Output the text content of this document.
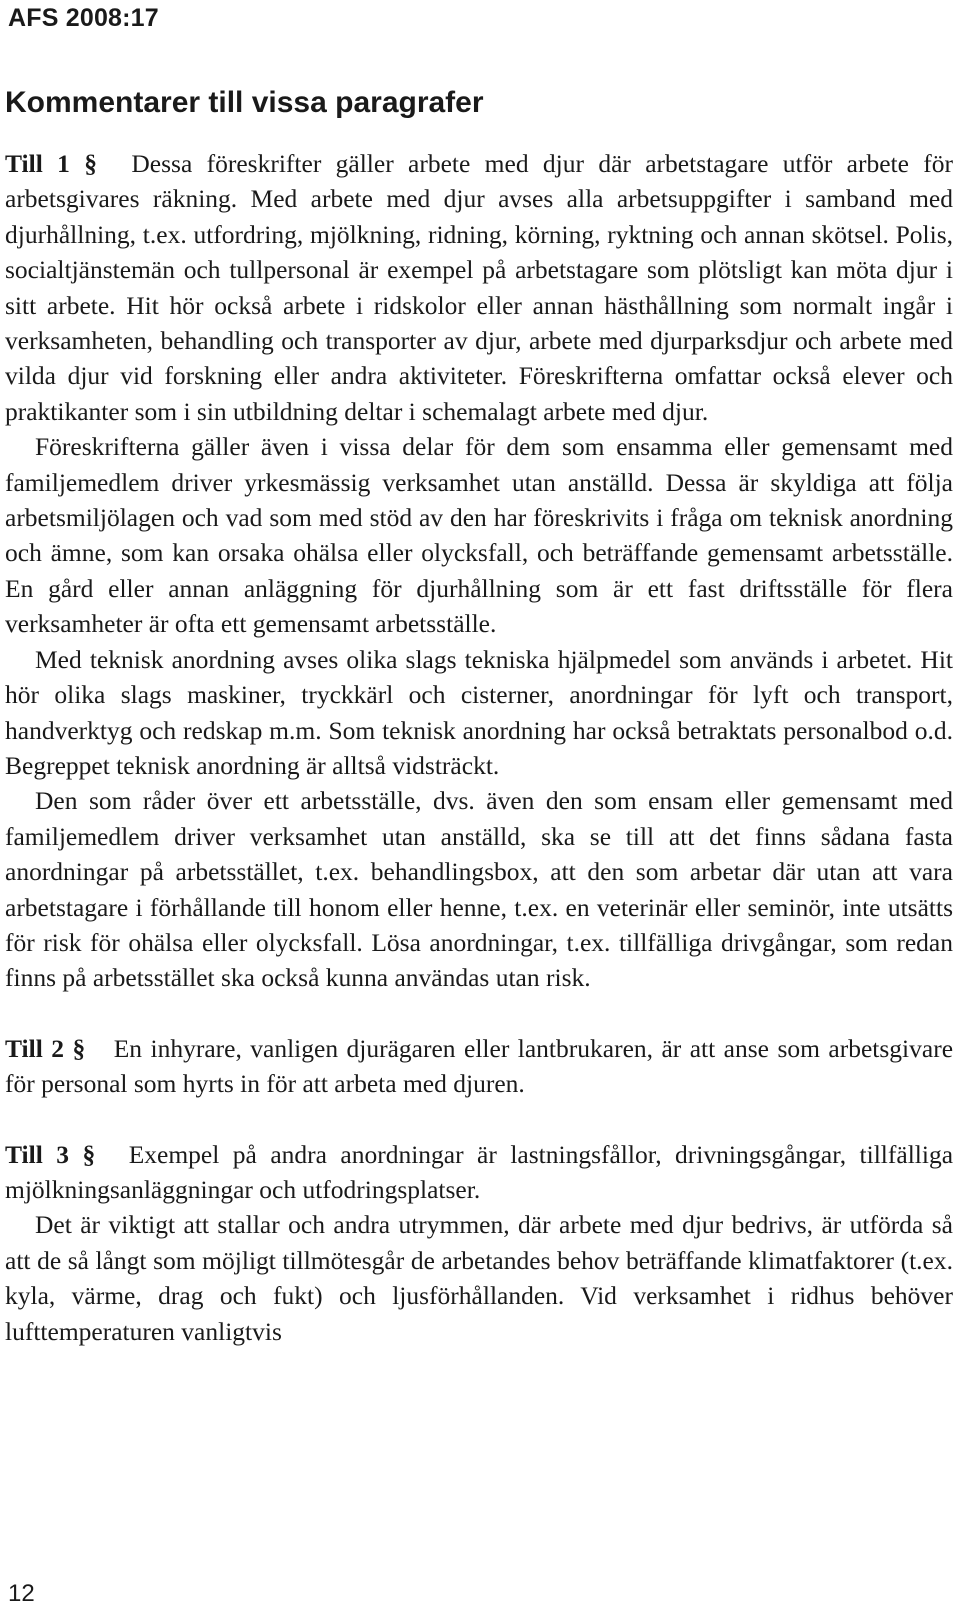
AFS 2008:17
Kommentarer till vissa paragrafer

Till 1 § Dessa föreskrifter gäller arbete med djur där arbetstagare utför arbete för arbetsgivares räkning. Med arbete med djur avses alla arbetsuppgifter i samband med djurhållning, t.ex. utfordring, mjölkning, ridning, körning, ryktning och annan skötsel. Polis, socialtjänstemän och tullpersonal är exempel på arbetstagare som plötsligt kan möta djur i sitt arbete. Hit hör också arbete i ridskolor eller annan hästhållning som normalt ingår i verksamheten, behandling och transporter av djur, arbete med djurparksdjur och arbete med vilda djur vid forskning eller andra aktiviteter. Föreskrifterna omfattar också elever och praktikanter som i sin utbildning deltar i schemalagt arbete med djur.

Föreskrifterna gäller även i vissa delar för dem som ensamma eller gemensamt med familjemedlem driver yrkesmässig verksamhet utan anställd. Dessa är skyldiga att följa arbetsmiljölagen och vad som med stöd av den har föreskrivits i fråga om teknisk anordning och ämne, som kan orsaka ohälsa eller olycksfall, och beträffande gemensamt arbetsställe. En gård eller annan anläggning för djurhållning som är ett fast driftsställe för flera verksamheter är ofta ett gemensamt arbetsställe.

Med teknisk anordning avses olika slags tekniska hjälpmedel som används i arbetet. Hit hör olika slags maskiner, tryckkärl och cisterner, anordningar för lyft och transport, handverktyg och redskap m.m. Som teknisk anordning har också betraktats personalbod o.d. Begreppet teknisk anordning är alltså vidsträckt.

Den som råder över ett arbetsställe, dvs. även den som ensam eller gemensamt med familjemedlem driver verksamhet utan anställd, ska se till att det finns sådana fasta anordningar på arbetsstället, t.ex. behandlingsbox, att den som arbetar där utan att vara arbetstagare i förhållande till honom eller henne, t.ex. en veterinär eller seminör, inte utsätts för risk för ohälsa eller olycksfall. Lösa anordningar, t.ex. tillfälliga drivgångar, som redan finns på arbetsstället ska också kunna användas utan risk.

Till 2 § En inhyrare, vanligen djurägaren eller lantbrukaren, är att anse som arbetsgivare för personal som hyrts in för att arbeta med djuren.

Till 3 § Exempel på andra anordningar är lastningsfållor, drivningsgångar, tillfälliga mjölkningsanläggningar och utfodringsplatser.

Det är viktigt att stallar och andra utrymmen, där arbete med djur bedrivs, är utförda så att de så långt som möjligt tillmötesgår de arbetandes behov beträffande klimatfaktorer (t.ex. kyla, värme, drag och fukt) och ljusförhållanden. Vid verksamhet i ridhus behöver lufttemperaturen vanligtvis

12
